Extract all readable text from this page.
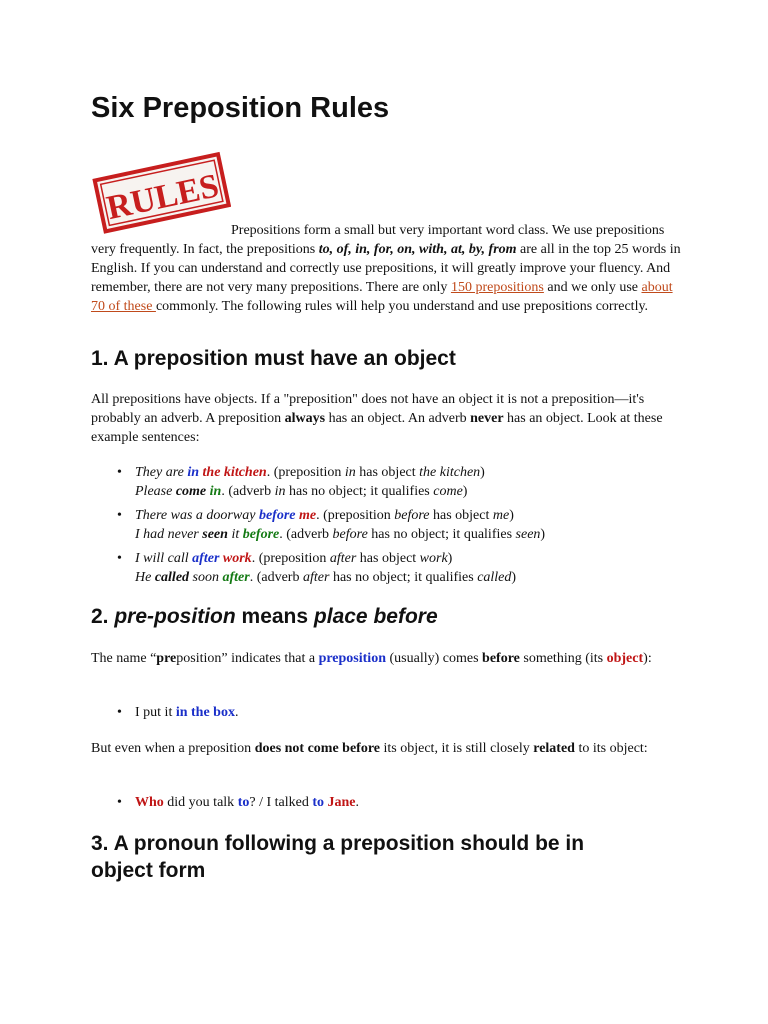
Six Preposition Rules
RULES

Prepositions form a small but very important word class. We use prepositions very frequently. In fact, the prepositions to, of, in, for, on, with, at, by, from are all in the top 25 words in English. If you can understand and correctly use prepositions, it will greatly improve your fluency. And remember, there are not very many prepositions. There are only 150 prepositions and we only use about 70 of these commonly. The following rules will help you understand and use prepositions correctly.

1. A preposition must have an object

All prepositions have objects. If a "preposition" does not have an object it is not a preposition—it's probably an adverb. A preposition always has an object. An adverb never has an object. Look at these example sentences:

• They are in the kitchen. (preposition in has object the kitchen)
Please come in. (adverb in has no object; it qualifies come)
• There was a doorway before me. (preposition before has object me)
I had never seen it before. (adverb before has no object; it qualifies seen)
• I will call after work. (preposition after has object work)
He called soon after. (adverb after has no object; it qualifies called)
2. pre-position means place before

The name “preposition” indicates that a preposition (usually) comes before something (its object):

• I put it in the box.

But even when a preposition does not come before its object, it is still closely related to its object:

• Who did you talk to? / I talked to Jane.
3. A pronoun following a preposition should be in object form
